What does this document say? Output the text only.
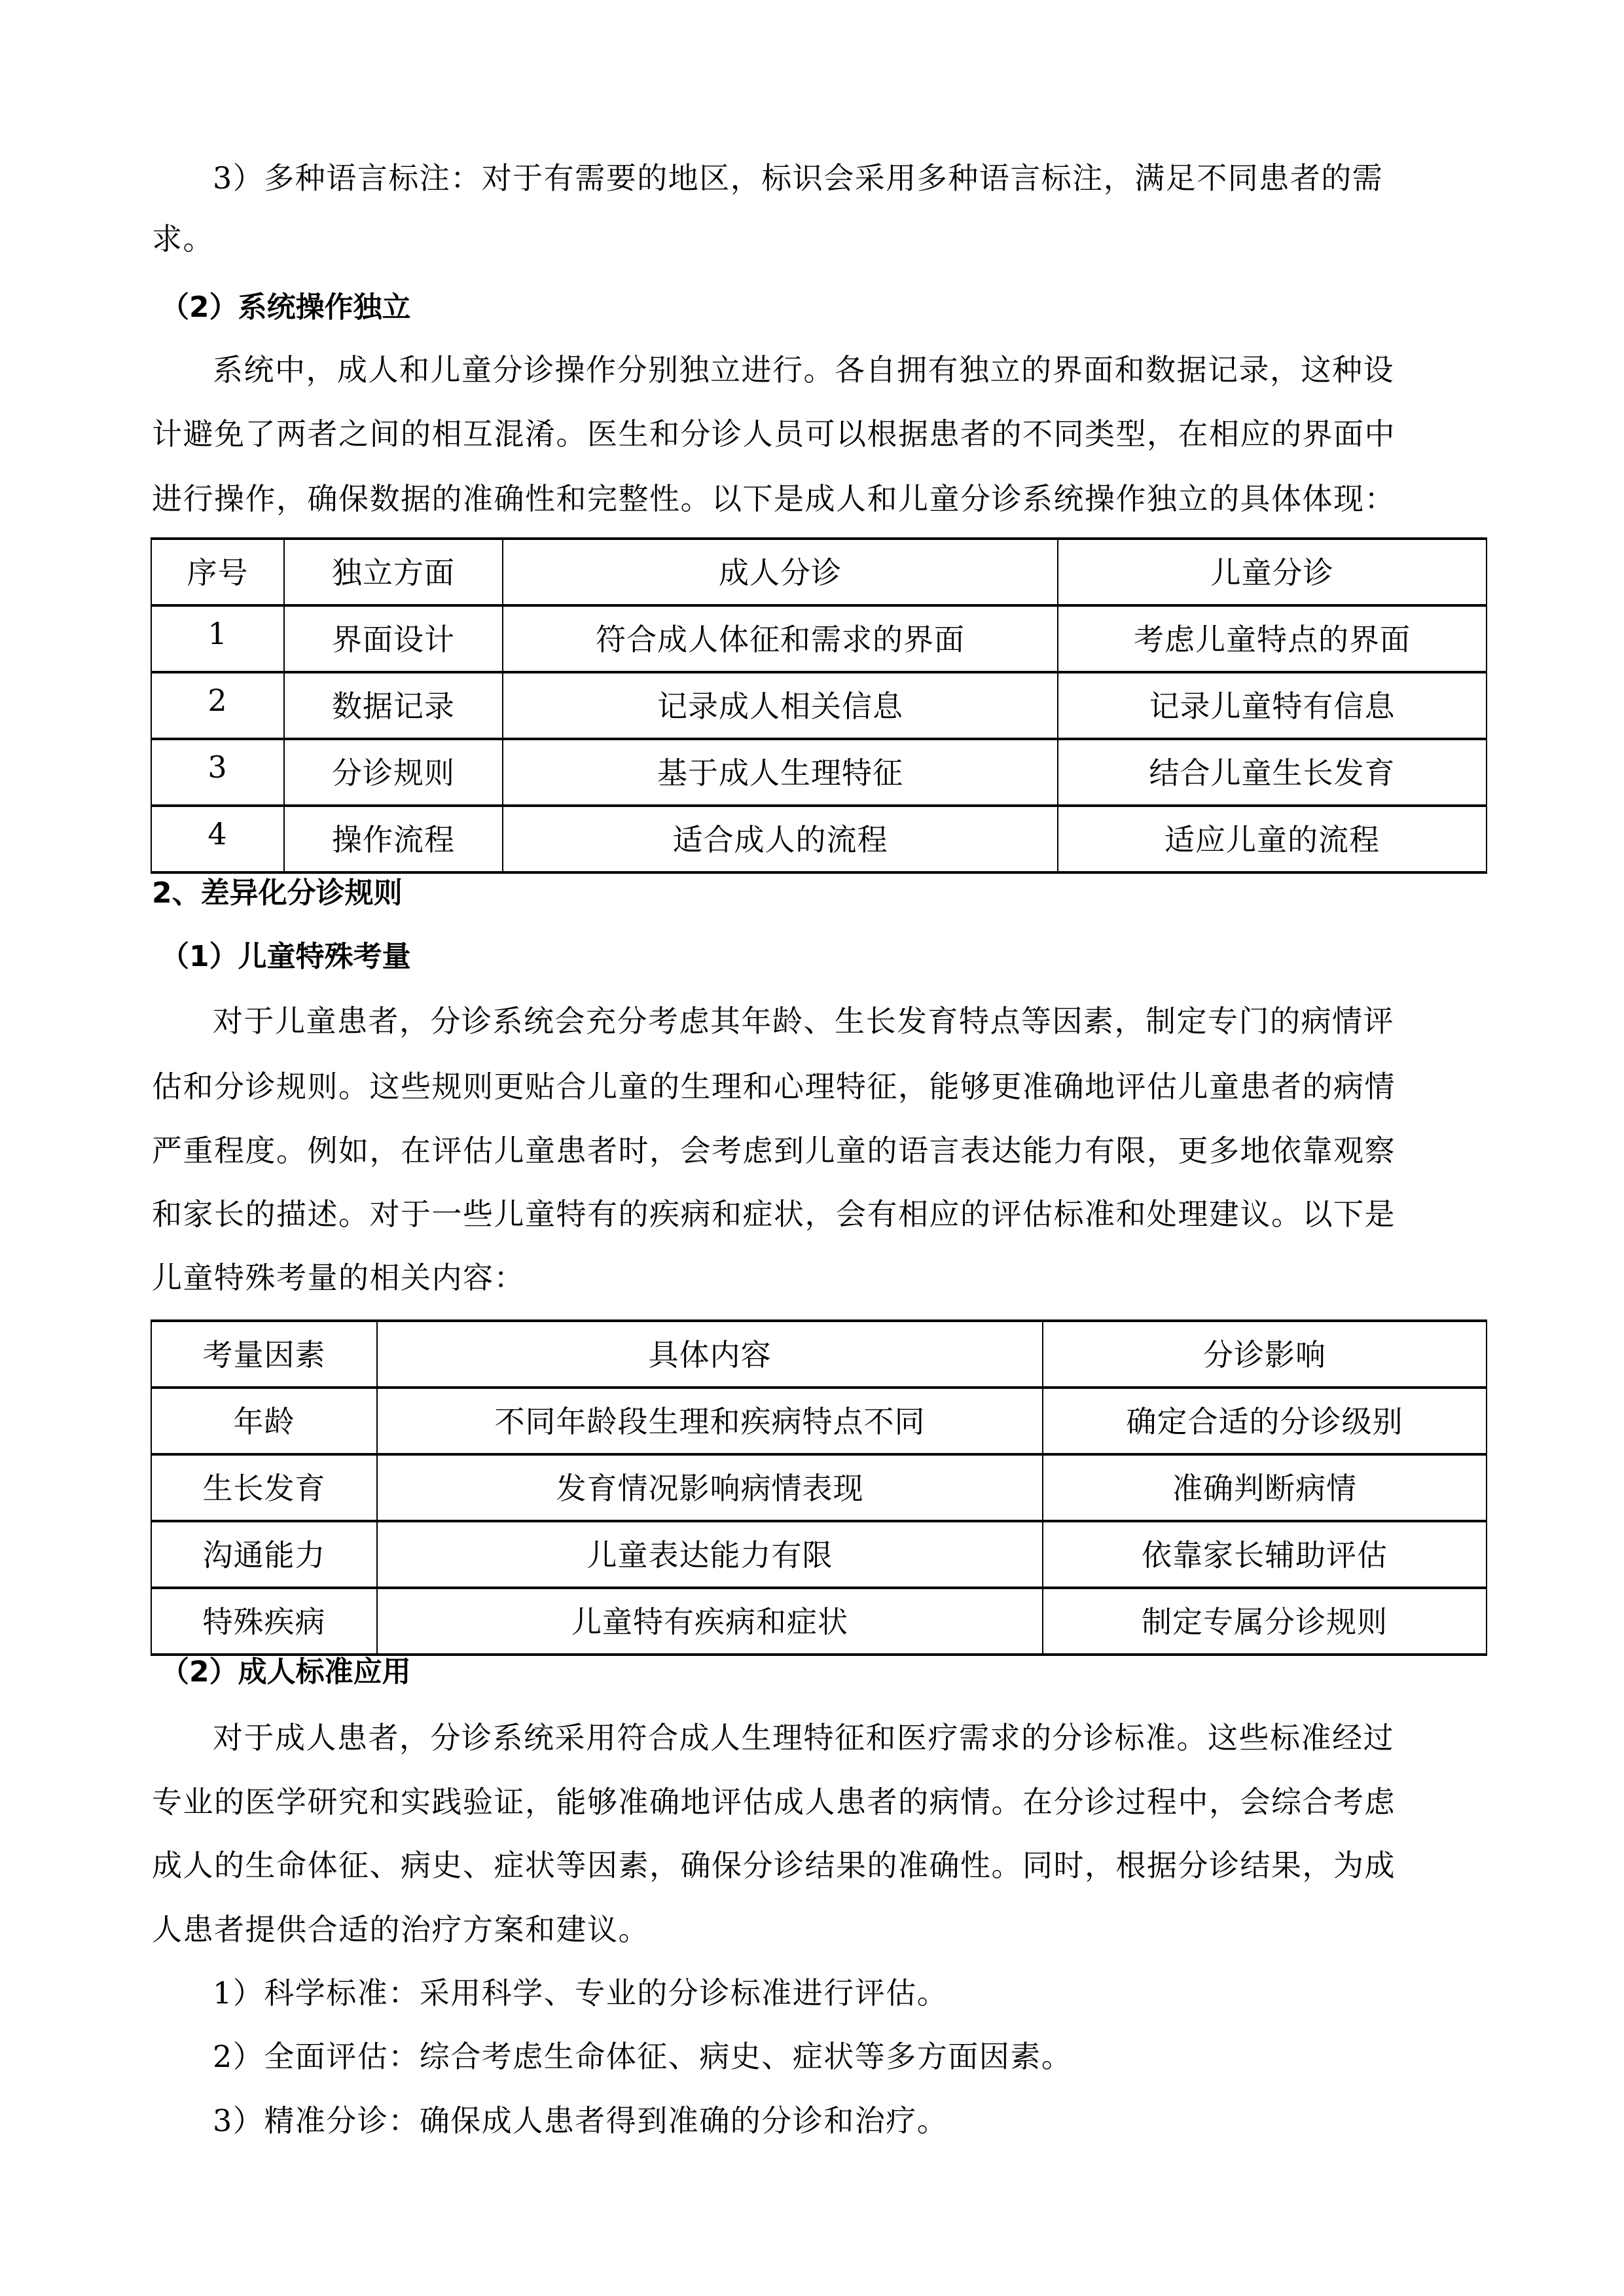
3）多种语言标注：对于有需要的地区，标识会采用多种语言标注，满足不同患者的需
求。
（2）系统操作独立
系统中，成人和儿童分诊操作分别独立进行。各自拥有独立的界面和数据记录，这种设
计避免了两者之间的相互混淆。医生和分诊人员可以根据患者的不同类型，在相应的界面中
进行操作，确保数据的准确性和完整性。以下是成人和儿童分诊系统操作独立的具体体现：
序号	独立方面	成人分诊	儿童分诊
1	界面设计	符合成人体征和需求的界面	考虑儿童特点的界面
2	数据记录	记录成人相关信息	记录儿童特有信息
3	分诊规则	基于成人生理特征	结合儿童生长发育
4	操作流程	适合成人的流程	适应儿童的流程
2、差异化分诊规则
（1）儿童特殊考量
对于儿童患者，分诊系统会充分考虑其年龄、生长发育特点等因素，制定专门的病情评
估和分诊规则。这些规则更贴合儿童的生理和心理特征，能够更准确地评估儿童患者的病情
严重程度。例如，在评估儿童患者时，会考虑到儿童的语言表达能力有限，更多地依靠观察
和家长的描述。对于一些儿童特有的疾病和症状，会有相应的评估标准和处理建议。以下是
儿童特殊考量的相关内容：
考量因素	具体内容	分诊影响
年龄	不同年龄段生理和疾病特点不同	确定合适的分诊级别
生长发育	发育情况影响病情表现	准确判断病情
沟通能力	儿童表达能力有限	依靠家长辅助评估
特殊疾病	儿童特有疾病和症状	制定专属分诊规则
（2）成人标准应用
对于成人患者，分诊系统采用符合成人生理特征和医疗需求的分诊标准。这些标准经过
专业的医学研究和实践验证，能够准确地评估成人患者的病情。在分诊过程中，会综合考虑
成人的生命体征、病史、症状等因素，确保分诊结果的准确性。同时，根据分诊结果，为成
人患者提供合适的治疗方案和建议。
1）科学标准：采用科学、专业的分诊标准进行评估。
2）全面评估：综合考虑生命体征、病史、症状等多方面因素。
3）精准分诊：确保成人患者得到准确的分诊和治疗。
